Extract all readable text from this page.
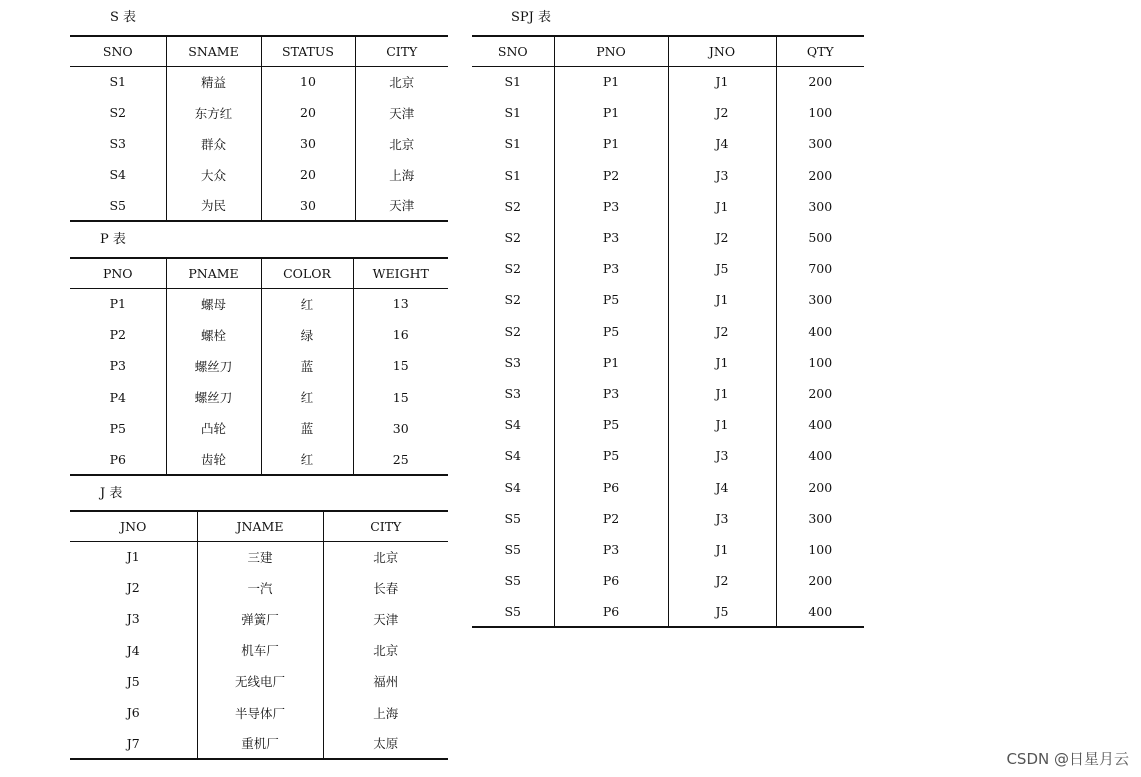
S 表
SNO	SNAME	STATUS	CITY
S1	精益	10	北京
S2	东方红	20	天津
S3	群众	30	北京
S4	大众	20	上海
S5	为民	30	天津
P 表
PNO	PNAME	COLOR	WEIGHT
P1	螺母	红	13
P2	螺栓	绿	16
P3	螺丝刀	蓝	15
P4	螺丝刀	红	15
P5	凸轮	蓝	30
P6	齿轮	红	25
J 表
JNO	JNAME	CITY
J1	三建	北京
J2	一汽	长春
J3	弹簧厂	天津
J4	机车厂	北京
J5	无线电厂	福州
J6	半导体厂	上海
J7	重机厂	太原
SPJ 表
SNO	PNO	JNO	QTY
S1	P1	J1	200
S1	P1	J2	100
S1	P1	J4	300
S1	P2	J3	200
S2	P3	J1	300
S2	P3	J2	500
S2	P3	J5	700
S2	P5	J1	300
S2	P5	J2	400
S3	P1	J1	100
S3	P3	J1	200
S4	P5	J1	400
S4	P5	J3	400
S4	P6	J4	200
S5	P2	J3	300
S5	P3	J1	100
S5	P6	J2	200
S5	P6	J5	400
CSDN @日星月云
